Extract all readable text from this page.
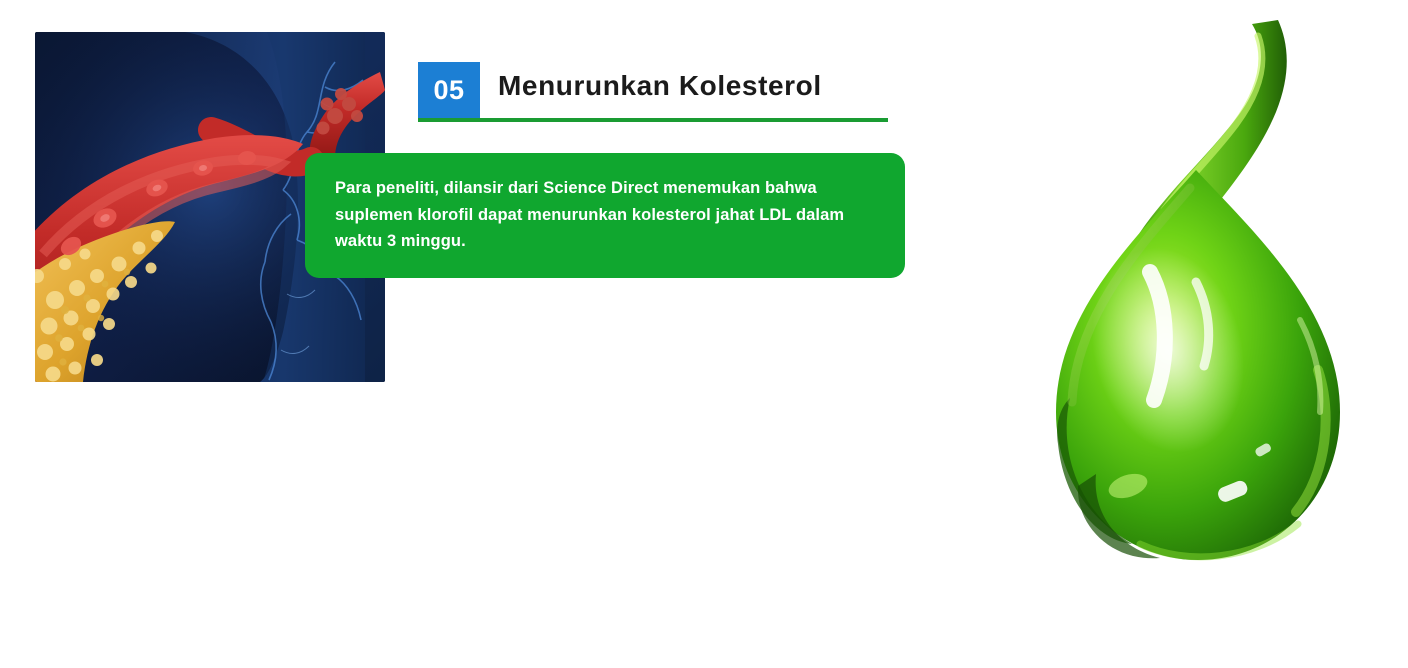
05	Menurunkan Kolesterol
Para peneliti, dilansir dari Science Direct menemukan bahwa suplemen klorofil dapat menurunkan kolesterol jahat LDL dalam waktu 3 minggu.
